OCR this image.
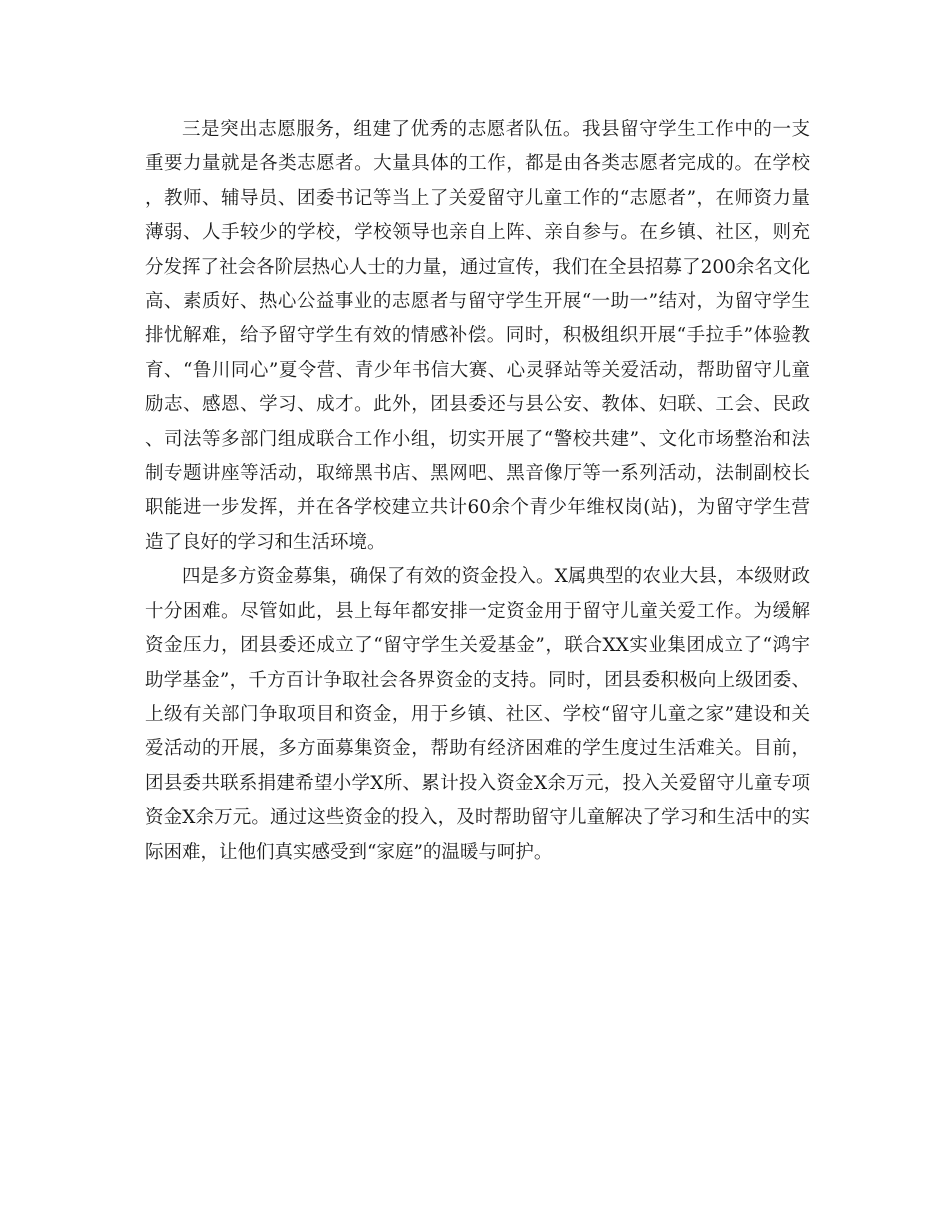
三是突出志愿服务，组建了优秀的志愿者队伍。我县留守学生工作中的一支重要力量就是各类志愿者。大量具体的工作，都是由各类志愿者完成的。在学校，教师、辅导员、团委书记等当上了关爱留守儿童工作的“志愿者”，在师资力量薄弱、人手较少的学校，学校领导也亲自上阵、亲自参与。在乡镇、社区，则充分发挥了社会各阶层热心人士的力量，通过宣传，我们在全县招募了200余名文化高、素质好、热心公益事业的志愿者与留守学生开展“一助一”结对，为留守学生排忧解难，给予留守学生有效的情感补偿。同时，积极组织开展“手拉手”体验教育、“鲁川同心”夏令营、青少年书信大赛、心灵驿站等关爱活动，帮助留守儿童励志、感恩、学习、成才。此外，团县委还与县公安、教体、妇联、工会、民政、司法等多部门组成联合工作小组，切实开展了“警校共建”、文化市场整治和法制专题讲座等活动，取缔黑书店、黑网吧、黑音像厅等一系列活动，法制副校长职能进一步发挥，并在各学校建立共计60余个青少年维权岗(站)，为留守学生营造了良好的学习和生活环境。

四是多方资金募集，确保了有效的资金投入。X属典型的农业大县，本级财政十分困难。尽管如此，县上每年都安排一定资金用于留守儿童关爱工作。为缓解资金压力，团县委还成立了“留守学生关爱基金”，联合XX实业集团成立了“鸿宇助学基金”，千方百计争取社会各界资金的支持。同时，团县委积极向上级团委、上级有关部门争取项目和资金，用于乡镇、社区、学校“留守儿童之家”建设和关爱活动的开展，多方面募集资金，帮助有经济困难的学生度过生活难关。目前，团县委共联系捐建希望小学X所、累计投入资金X余万元，投入关爱留守儿童专项资金X余万元。通过这些资金的投入，及时帮助留守儿童解决了学习和生活中的实际困难，让他们真实感受到“家庭”的温暖与呵护。
